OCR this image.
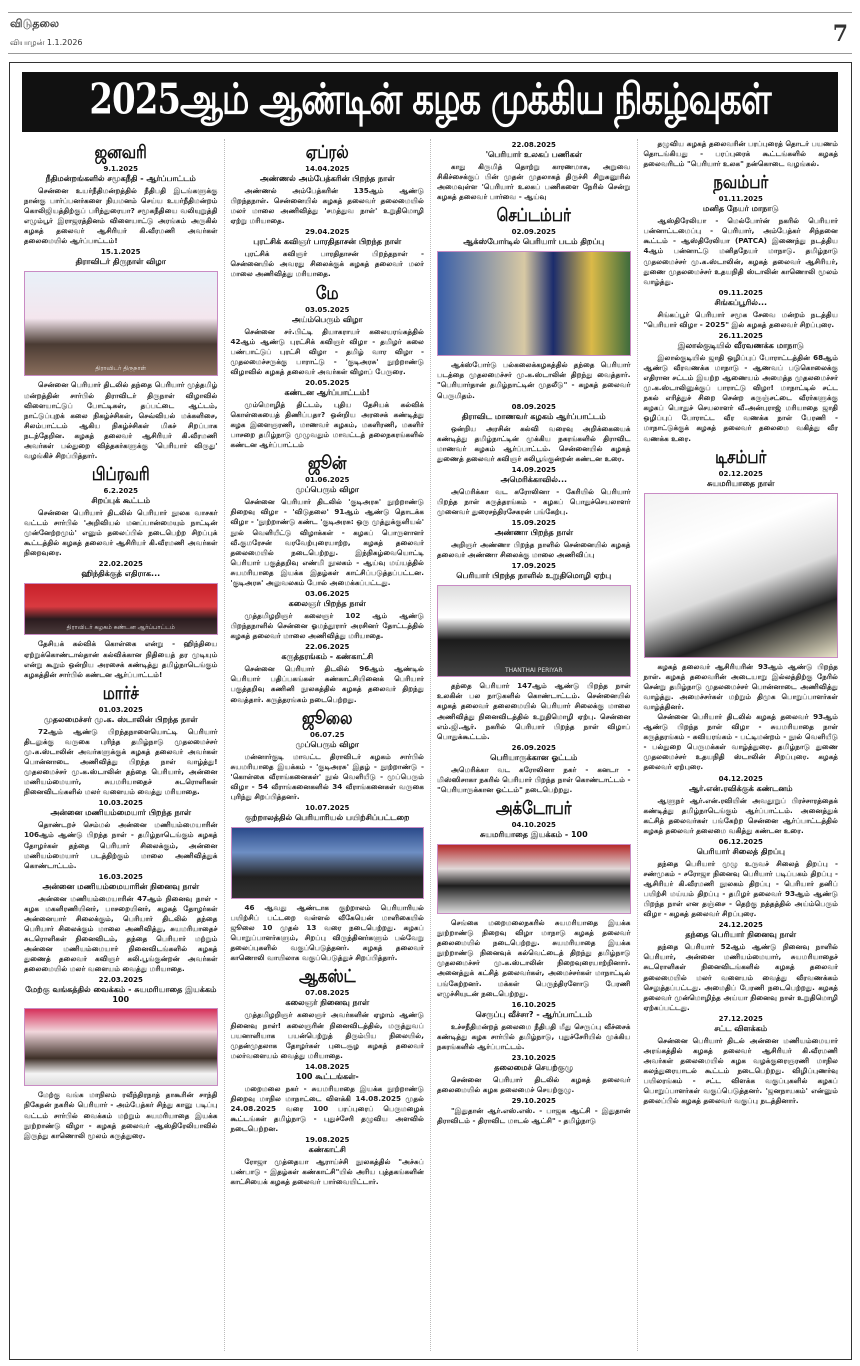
விடுதலை
வியாழன் 1.1.2026	7
2025ஆம் ஆண்டின் கழக முக்கிய நிகழ்வுகள்
ஜனவரி
9.1.2025
நீதிமன்றங்களில் சமூகநீதி - ஆர்ப்பாட்டம்
சென்னை உயர்நீதிமன்றத்தில் நீதிபதி இடங்களுக்கு நான்கு பார்ப்பனர்களை நியமனம் செய்ய உயர்நீதிமன்றம் கொலிஜியத்திற்குப் பரிந்துரையா? சமூகநீதியை வலியுறுத்தி எழும்பூர் இராஜரத்தினம் விளையாட்டு அரங்கம் அருகில் கழகத் தலைவர் ஆசிரியர் கி.வீரமணி அவர்கள் தலைமையில் ஆர்ப்பாட்டம்!
15.1.2025
திராவிடர் திருநாள் விழா
திராவிடர் திருநாள்
சென்னை பெரியார் திடலில் தந்தை பெரியார் முத்தமிழ் மன்றத்தின் சார்பில் திராவிடர் திருநாள் விழாவில் விளையாட்டுப் போட்டிகள், தப்பட்டை ஆட்டம், நாட்டுப்புறக் கலை நிகழ்ச்சிகள், செவ்வியல் மக்களிசை, சிலம்பாட்டம் ஆகிய நிகழ்ச்சிகள் மிகச் சிறப்பாக நடந்தேறின. கழகத் தலைவர் ஆசிரியர் கி.வீரமணி அவர்கள் பல்துறை வித்தகர்களுக்கு 'பெரியார் விருது' வழங்கிச் சிறப்பித்தார்.
பிப்ரவரி
6.2.2025
சிறப்புக் கூட்டம்
சென்னை பெரியார் திடலில் பெரியார் நூலக வாசகர் வட்டம் சார்பில் 'அறிவியல் மனப்பான்மையும் நாட்டின் முன்னேற்றமும்' எனும் தலைப்பில் நடைபெற்ற சிறப்புக் கூட்டத்தில் கழகத் தலைவர் ஆசிரியர் கி.வீரமணி அவர்கள் நிறைவுரை.
22.02.2025
ஹிந்திக்குத் எதிராக...
திராவிடர் கழகம் கண்டன ஆர்ப்பாட்டம்
தேசியக் கல்விக் கொள்கை என்று - ஹிந்தியை ஏற்றுக்கொண்டால்தான் கல்விக்கான நிதியைத் தர முடியும் என்று கூறும் ஒன்றிய அரசைக் கண்டித்து தமிழ்நாடெங்கும் கழகத்தின் சார்பில் கண்டன ஆர்ப்பாட்டம்!
மார்ச்
01.03.2025
முதலமைச்சர் மு.க. ஸ்டாலின் பிறந்த நாள்
72ஆம் ஆண்டு பிறந்தநாளையொட்டி பெரியார் திடலுக்கு வருகை புரிந்த தமிழ்நாடு முதலமைச்சர் மு.க.ஸ்டாலின் அவர்களுக்குக் கழகத் தலைவர் அவர்கள் பொன்னாடை அணிவித்து பிறந்த நாள் வாழ்த்து! முதலமைச்சர் மு.க.ஸ்டாலின் தந்தை பெரியார், அன்னை மணியம்மையார், சுயமரியாதைச் சுடரொளிகள் நினைவிடங்களில் மலர் வளையம் வைத்து மரியாதை.
10.03.2025
அன்னை மணியம்மையார் பிறந்த நாள்
தொண்டறச் செம்மல் அன்னை மணியம்மையாரின் 106ஆம் ஆண்டு பிறந்த நாள் - தமிழ்நாடெங்கும் கழகத் தோழர்கள் தந்தை பெரியார் சிலைக்கும், அன்னை மணியம்மையார் படத்திற்கும் மாலை அணிவித்துக் கொண்டாட்டம்.
16.03.2025
அன்னை மணியம்மையாரின் நினைவு நாள்
அன்னை மணியம்மையாரின் 47ஆம் நினைவு நாள் - கழக மகளிரணியினர், பாசறையினர், கழகத் தோழர்கள் அன்னையார் சிலைக்கும், பெரியார் திடலில் தந்தை பெரியார் சிலைக்கும் மாலை அணிவித்து, சுயமரியாதைச் சுடரொளிகள் நினைவிடம், தந்தை பெரியார் மற்றும் அன்னை மணியம்மையார் நினைவிடங்களில் கழகத் துணைத் தலைவர் கவிஞர் கலி.பூங்குன்றன் அவர்கள் தலைமையில் மலர் வளையம் வைத்து மரியாதை.
22.03.2025
மேற்கு வங்கத்தில் வைக்கம் - சுயமரியாதை இயக்கம் 100
மேற்கு வங்க மாநிலம் ரவீந்திரநாத் தாகூரின் சாந்தி நிகேதன் நகரில் பெரியார் - அம்பேத்கர் சிந்து கானு படிப்பு வட்டம் சார்பில் வைக்கம் மற்றும் சுயமரியாதை இயக்க நூற்றாண்டு விழா - கழகத் தலைவர் ஆஸ்திரேலியாவில் இருந்து காணொலி மூலம் கருத்துரை.
ஏப்ரல்
14.04.2025
அண்ணல் அம்பேத்கரின் பிறந்த நாள்
அண்ணல் அம்பேத்கரின் 135ஆம் ஆண்டு பிறந்தநாள். சென்னையில் கழகத் தலைவர் தலைமையில் மலர் மாலை அணிவித்து 'சமத்துவ நாள்' உறுதிமொழி ஏற்று மரியாதை.
29.04.2025
புரட்சிக் கவிஞர் பாரதிதாசன் பிறந்த நாள்
புரட்சிக் கவிஞர் பாரதிதாசன் பிறந்தநாள் - சென்னையில் அவரது சிலைக்குக் கழகத் தலைவர் மலர் மாலை அணிவித்து மரியாதை.
மே
03.05.2025
அய்ம்பெரும் விழா
சென்னை சர்.பிட்டி தியாகராயர் கலையரங்கத்தில் 42ஆம் ஆண்டு புரட்சிக் கவிஞர் விழா - தமிழர் கலை பண்பாட்டுப் புரட்சி விழா - தமிழ் வார விழா - முதலமைச்சருக்கு பாராட்டு - 'குடிஅரசு' நூற்றாண்டு விழாவில் கழகத் தலைவர் அவர்கள் விழாப் பேருரை.
20.05.2025
கண்டன ஆர்ப்பாட்டம்!
மும்மொழித் திட்டம், புதிய தேசியக் கல்விக் கொள்கையைத் திணிப்பதா? ஒன்றிய அரசைக் கண்டித்து கழக இளைஞரணி, மாணவர் கழகம், மகளிரணி, மகளிர் பாசறை தமிழ்நாடு முழுவதும் மாவட்டத் தலைநகரங்களில் கண்டன ஆர்ப்பாட்டம்
ஜூன்
01.06.2025
முப்பெரும் விழா
சென்னை பெரியார் திடலில் 'குடிஅரசு' நூற்றாண்டு நிறைவு விழா - 'விடுதலை' 91ஆம் ஆண்டு தொடக்க விழா - 'நூற்றாண்டு கண்ட 'குடிஅரசு: ஒரு முத்துக்குளியல்' நூல் வெளியீட்டு விழாக்கள் - கழகப் பொருளாளர் வீ.குமரேசன் வரவேற்புரையாற்ற, கழகத் தலைவர் தலைமையில் நடைபெற்றது. இந்நிகழ்வையொட்டி பெரியார் பகுத்தறிவு எண்மி நூலகம் - ஆய்வு மய்யத்தில் சுயமரியாதை இயக்க இதழ்கள் காட்சிப்படுத்தப்பட்டன. 'குடிஅரசு' அலுவலகம் போல் அமைக்கப்பட்டது.
03.06.2025
கலைஞர் பிறந்த நாள்
முத்தமிழறிஞர் கலைஞர் 102 ஆம் ஆண்டு பிறந்தநாளில் சென்னை ஓமந்தூரார் அரசினர் தோட்டத்தில் கழகத் தலைவர் மாலை அணிவித்து மரியாதை.
22.06.2025
கருத்தரங்கம் - கண்காட்சி
சென்னை பெரியார் திடலில் 96ஆம் ஆண்டில் பெரியார் பதிப்பகங்கள் கண்காட்சியினைக் பெரியார் பகுத்தறிவு கணினி நூலகத்தில் கழகத் தலைவர் திறந்து வைத்தார். கருத்தரங்கம் நடைபெற்றது.
ஜூலை
06.07.25
முப்பெரும் விழா
மன்னார்குடி மாவட்ட திராவிடர் கழகம் சார்பில் சுயமரியாதை இயக்கம் - 'குடிஅரசு' இதழ் - நூற்றாண்டு - 'கொள்கை வீராங்கனைகள்' நூல் வெளியீடு - முப்பெரும் விழா - 54 வீராங்கனைகளில் 34 வீராங்கனைகள் வருகை புரிந்து சிறப்பித்தனர்.
10.07.2025
குற்றாலத்தில் பெரியாரியல் பயிற்சிப்பட்டறை
46 ஆவது ஆண்டாக குற்றாலம் பெரியாரியல் பயிற்சிப் பட்டறை வள்ளல் வீகேயென் மாளிகையில் ஜூலை 10 முதல் 13 வரை நடைபெற்றது. கழகப் பொறுப்பாளர்களும், சிறப்பு விருந்தினர்களும் பல்வேறு தலைப்புகளில் வகுப்பெடுத்தனர். கழகத் தலைவர் காணொலி வாயிலாக வகுப்பெடுத்துச் சிறப்பித்தார்.
ஆகஸ்ட்
07.08.2025
கலைஞர் நினைவு நாள்
முத்தமிழறிஞர் கலைஞர் அவர்களின் ஏழாம் ஆண்டு நினைவு நாள்! கலைஞரின் நினைவிடத்தில், மருத்துவப் பயனாளியாக பயன்பெற்றுத் திரும்பிய நிலையில், முதன்முதலாக தோழர்கள் புடைசூழ கழகத் தலைவர் மலர்வளையம் வைத்து மரியாதை.
14.08.2025
100 கூட்டங்கள்-
மறைமலை நகர் - சுயமரியாதை இயக்க நூற்றாண்டு நிறைவு மாநில மாநாட்டை விளக்கி 14.08.2025 முதல் 24.08.2025 வரை 100 பரப்புரைப் பெருமழைக் கூட்டங்கள் தமிழ்நாடு - புதுச்சேரி தழுவிய அளவில் நடைபெற்றன.
19.08.2025
கண்காட்சி
ரோஜா முத்தையா ஆராய்ச்சி நூலகத்தில் "அச்சுப் பண்பாடு - இதழ்கள் கண்காட்சி"யில் அரிய புத்தகங்களின் காட்சியைக் கழகத் தலைவர் பார்வையிட்டார்.
22.08.2025
'பெரியார் உலகப் பணிகள்
காது கிருமித் தொற்று காரணமாக, அறுவை சிகிச்சைக்குப் பின் முதன் முதலாகத் திருச்சி சிறுகனூரில் அமைவுள்ள 'பெரியார் உலகப் பணிகளை நேரில் சென்று கழகத் தலைவர் பார்வை - ஆய்வு
செப்டம்பர்
02.09.2025
ஆக்ஸ்போர்டில் பெரியார் படம் திறப்பு
ஆக்ஸ்போர்டு பல்கலைக்கழகத்தில் தந்தை பெரியார் படத்தை முதலமைச்சர் மு.க.ஸ்டாலின் திறந்து வைத்தார். "பெரியார்தான் தமிழ்நாட்டின் முதலீடு" - கழகத் தலைவர் பெருமிதம்.
08.09.2025
திராவிட மாணவர் கழகம் ஆர்ப்பாட்டம்
ஒன்றிய அரசின் கல்வி வரைவு அறிக்கையைக் கண்டித்து தமிழ்நாட்டின் முக்கிய நகரங்களில் திராவிட மாணவர் கழகம் ஆர்ப்பாட்டம். சென்னையில் கழகத் துணைத் தலைவர் கவிஞர் கலிபூங்குன்றன் கண்டன உரை.
14.09.2025
அமெரிக்காவில்...
அமெரிக்கா வட கரோலினா - கேரியில் பெரியார் பிறந்த நாள் கருத்தரங்கம் - கழகப் பொதுச்செயலாளர் முனைவர் துரைசந்திரசேகரன் பங்கேற்பு.
15.09.2025
அண்ணா பிறந்த நாள்
அறிஞர் அண்ணா பிறந்த நாளில் சென்னையில் கழகத் தலைவர் அண்ணா சிலைக்கு மாலை அணிவிப்பு
17.09.2025
பெரியார் பிறந்த நாளில் உறுதிமொழி ஏற்பு
THANTHAI PERIYAR
தந்தை பெரியார் 147ஆம் ஆண்டு பிறந்த நாள் உலகின் பல நாடுகளில் கொண்டாட்டம். சென்னையில் கழகத் தலைவர் தலைமையில் பெரியார் சிலைக்கு மாலை அணிவித்து நினைவிடத்தில் உறுதிமொழி ஏற்பு. சென்னை எம்.ஜி.ஆர். நகரில் பெரியார் பிறந்த நாள் விழாப் பொதுக்கூட்டம்.
26.09.2025
பெரியாருக்கான ஓட்டம்
அமெரிக்கா வட கரோலினா நகர் - கனடா - மிஸ்ஸிசாகா நகரில் பெரியார் பிறந்த நாள் கொண்டாட்டம் - "பெரியாருக்கான ஓட்டம்" நடைபெற்றது.
அக்டோபர்
04.10.2025
சுயமரியாதை இயக்கம் - 100
செங்கை மறைமலைநகரில் சுயமரியாதை இயக்க நூற்றாண்டு நிறைவு விழா மாநாடு கழகத் தலைவர் தலைமையில் நடைபெற்றது. சுயமரியாதை இயக்க நூற்றாண்டு நினைவுக் கல்வெட்டைத் திறந்து தமிழ்நாடு முதலமைச்சர் மு.க.ஸ்டாலின் நிறைவுரையாற்றினார். அனைத்துக் கட்சித் தலைவர்கள், அமைச்சர்கள் மாநாட்டில் பங்கேற்றனர். மக்கள் பெருந்திரளோடு பேரணி எழுச்சியுடன் நடைபெற்றது.
16.10.2025
செருப்பு வீச்சா? - ஆர்ப்பாட்டம்
உச்சநீதிமன்றத் தலைமை நீதிபதி மீது செருப்பு வீச்சைக் கண்டித்து கழக சார்பில் தமிழ்நாடு, புதுச்சேரியில் முக்கிய நகரங்களில் ஆர்ப்பாட்டம்.
23.10.2025
தலைமைச் செயற்குழு
சென்னை பெரியார் திடலில் கழகத் தலைவர் தலைமையில் கழக தலைமைச் செயற்குழு.
29.10.2025
"இதுதான் ஆர்.எஸ்.எஸ். - பாஜக ஆட்சி - இதுதான் திராவிடம் - திராவிட மாடல் ஆட்சி" - தமிழ்நாடு
தழுவிய கழகத் தலைவரின் பரப்புரைத் தொடர் பயணம் தொடங்கியது - பரப்புரைக் கூட்டங்களில் கழகத் தலைவரிடம் "பெரியார் உலக" நன்கொடை வழங்கல்.
நவம்பர்
01.11.2025
மனித நேயர் மாநாடு
ஆஸ்திரேலியா - மெல்போர்ன் நகரில் பெரியார் பன்னாட்டமைப்பு - பெரியார், அம்பேத்கர் சிந்தனை கூட்டம் - ஆஸ்திரேலியா (PATCA) இணைந்து நடத்திய 4ஆம் பன்னாட்டு மனிதநேயர் மாநாடு. தமிழ்நாடு முதலமைச்சர் மு.க.ஸ்டாலின், கழகத் தலைவர் ஆசிரியர், துணை முதலமைச்சர் உதயநிதி ஸ்டாலின் காணொலி மூலம் வாழ்த்து.
09.11.2025
சிங்கப்பூரில்...
சிங்கப்பூர் பெரியார் சமூக சேவை மன்றம் நடத்திய "பெரியார் விழா - 2025" இல் கழகத் தலைவர் சிறப்புரை.
26.11.2025
இலால்குடியில் வீரவணக்க மாநாடு
இலால்குடியில் ஜாதி ஒழிப்புப் போராட்டத்தின் 68ஆம் ஆண்டு வீரவணக்க மாநாடு - ஆணவப் படுகொலைக்கு எதிரான சட்டம் இயற்ற ஆணையம் அமைத்த முதலமைச்சர் மு.க.ஸ்டாலினுக்குப் பாராட்டு விழா! மாநாட்டில் சட்ட நகல் எரித்துச் சிறை சென்ற கருஞ்சட்டை வீரர்களுக்கு கழகப் பொதுச் செயலாளர் வீ.அன்புராஜ் மரியாதை ஜாதி ஒழிப்புப் போராட்ட வீர வணக்க நாள் பேரணி - மாநாட்டுக்குக் கழகத் தலைவர் தலைமை வகித்து வீர வணக்க உரை.
டிசம்பர்
02.12.2025
சுயமரியாதை நாள்
கழகத் தலைவர் ஆசிரியரின் 93ஆம் ஆண்டு பிறந்த நாள். கழகத் தலைவரின் அடையாறு இல்லத்திற்கு நேரில் சென்று தமிழ்நாடு முதலமைச்சர் பொன்னாடை அணிவித்து வாழ்த்து. அமைச்சர்கள் மற்றும் திமுக பொறுப்பாளர்கள் வாழ்த்தினர்.
சென்னை பெரியார் திடலில் கழகத் தலைவர் 93ஆம் ஆண்டு பிறந்த நாள் விழா - சுயமரியாதை நாள் கருத்தரங்கம் - கவியரங்கம் - பட்டிமன்றம் - நூல் வெளியீடு - பல்துறை பெருமக்கள் வாழ்த்துரை. தமிழ்நாடு துணை முதலமைச்சர் உதயநிதி ஸ்டாலின் சிறப்புரை. கழகத் தலைவர் ஏற்புரை.
04.12.2025
ஆர்.என்.ரவிக்குக் கண்டனம்
ஆளுநர் ஆர்.என்.ரவியின் அவதூறுப் பிரச்சாரத்தைக் கண்டித்து தமிழ்நாடெங்கும் ஆர்ப்பாட்டம். அனைத்துக் கட்சித் தலைவர்கள் பங்கேற்ற சென்னை ஆர்ப்பாட்டத்தில் கழகத் தலைவர் தலைமை வகித்து கண்டன உரை.
06.12.2025
பெரியார் சிலைத் திறப்பு
தந்தை பெரியார் முழு உருவச் சிலைத் திறப்பு - சண்முகம் - சரோஜா நினைவு பெரியார் படிப்பகம் திறப்பு - ஆசிரியர் கி.வீரமணி நூலகம் திறப்பு - பெரியார் தனிப் பயிற்சி மய்யம் திறப்பு - தமிழர் தலைவர் 93ஆம் ஆண்டு பிறந்த நாள் என தஞ்சை - தெற்கு நத்தத்தில் அய்ம்பெரும் விழா - கழகத் தலைவர் சிறப்புரை.
24.12.2025
தந்தை பெரியார் நினைவு நாள்
தந்தை பெரியார் 52ஆம் ஆண்டு நினைவு நாளில் பெரியார், அன்னை மணியம்மையார், சுயமரியாதைச் சுடரொளிகள் நினைவிடங்களில் கழகத் தலைவர் தலைமையில் மலர் வளையம் வைத்து வீரவணக்கம் செலுத்தப்பட்டது. அமைதிப் பேரணி நடைபெற்றது. கழகத் தலைவர் முன்மொழிந்த அய்யா நினைவு நாள் உறுதிமொழி ஏற்கப்பட்டது.
27.12.2025
சட்ட விளக்கம்
சென்னை பெரியார் திடல் அன்னை மணியம்மையார் அரங்கத்தில் கழகத் தலைவர் ஆசிரியர் கி.வீரமணி அவர்கள் தலைமையில் கழக வழக்குரைஞரணி மாநில கலந்துரையாடல் கூட்டம் நடைபெற்றது. விழிப்புணர்வு பயிலரங்கம் - சட்ட விளக்க வகுப்புகளில் கழகப் பொறுப்பாளர்கள் வகுப்பெடுத்தனர். 'ஜனநாயகம்' என்னும் தலைப்பில் கழகத் தலைவர் வகுப்பு நடத்தினார்.
